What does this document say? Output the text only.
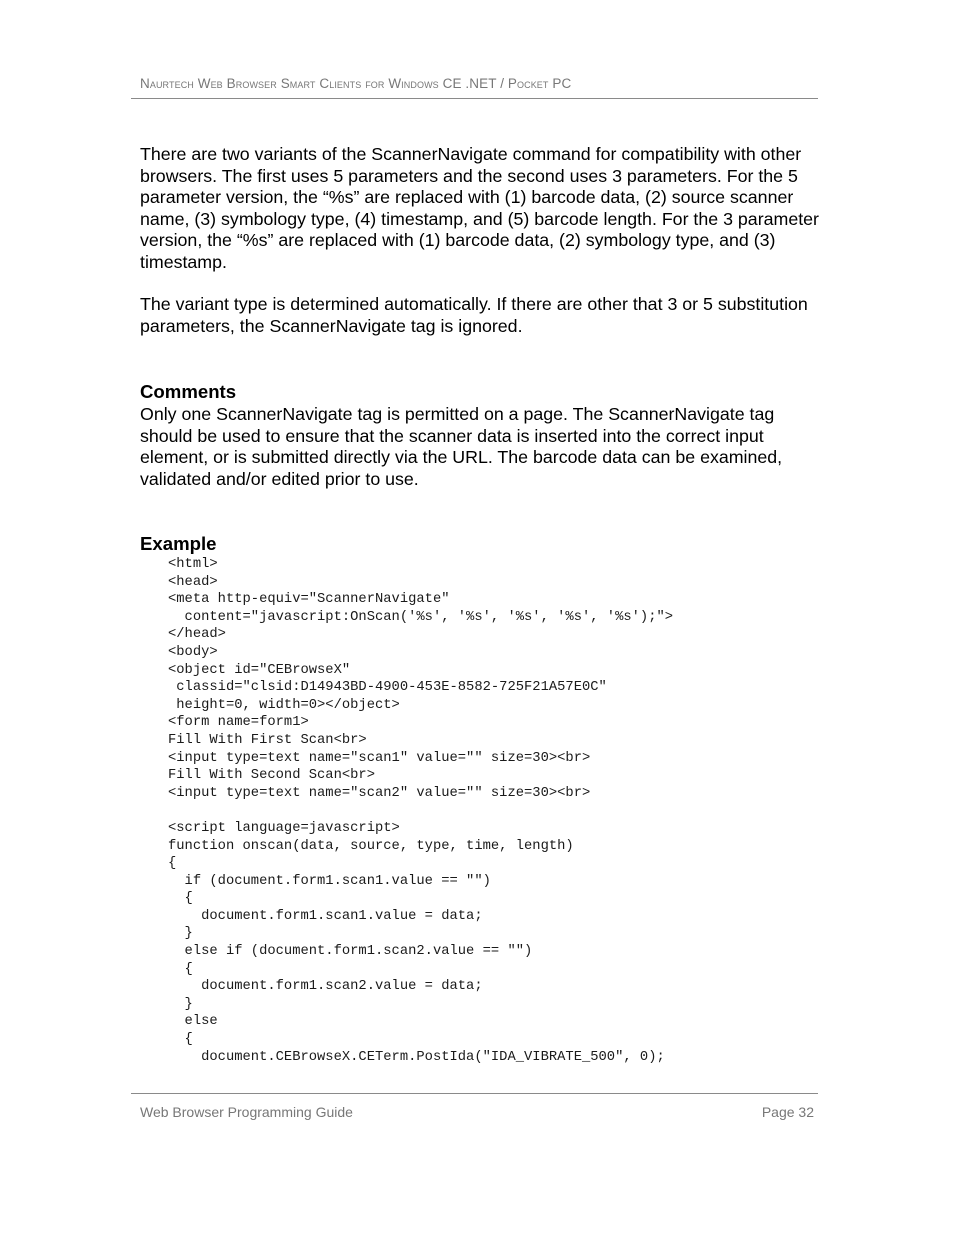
Naurtech Web Browser Smart Clients for Windows CE .NET / Pocket PC

There are two variants of the ScannerNavigate command for compatibility with other browsers. The first uses 5 parameters and the second uses 3 parameters. For the 5 parameter version, the “%s” are replaced with (1) barcode data, (2) source scanner name, (3) symbology type, (4) timestamp, and (5) barcode length. For the 3 parameter version, the “%s” are replaced with (1) barcode data, (2) symbology type, and (3) timestamp.

The variant type is determined automatically. If there are other that 3 or 5 substitution parameters, the ScannerNavigate tag is ignored.

Comments

Only one ScannerNavigate tag is permitted on a page. The ScannerNavigate tag should be used to ensure that the scanner data is inserted into the correct input element, or is submitted directly via the URL. The barcode data can be examined, validated and/or edited prior to use.

Example
<html>
<head>
<meta http-equiv="ScannerNavigate"
content="javascript:OnScan('%s', '%s', '%s', '%s', '%s');">
</head>
<body>
<object id="CEBrowseX"
classid="clsid:D14943BD-4900-453E-8582-725F21A57E0C"
height=0, width=0></object>
<form name=form1>
Fill With First Scan<br>
<input type=text name="scan1" value="" size=30><br>
Fill With Second Scan<br>
<input type=text name="scan2" value="" size=30><br>

<script language=javascript>
function onscan(data, source, type, time, length)
{
if (document.form1.scan1.value == "")
{
document.form1.scan1.value = data;
}
else if (document.form1.scan2.value == "")
{
document.form1.scan2.value = data;
}
else
{
document.CEBrowseX.CETerm.PostIda("IDA_VIBRATE_500", 0);
Web Browser Programming Guide	Page 32
